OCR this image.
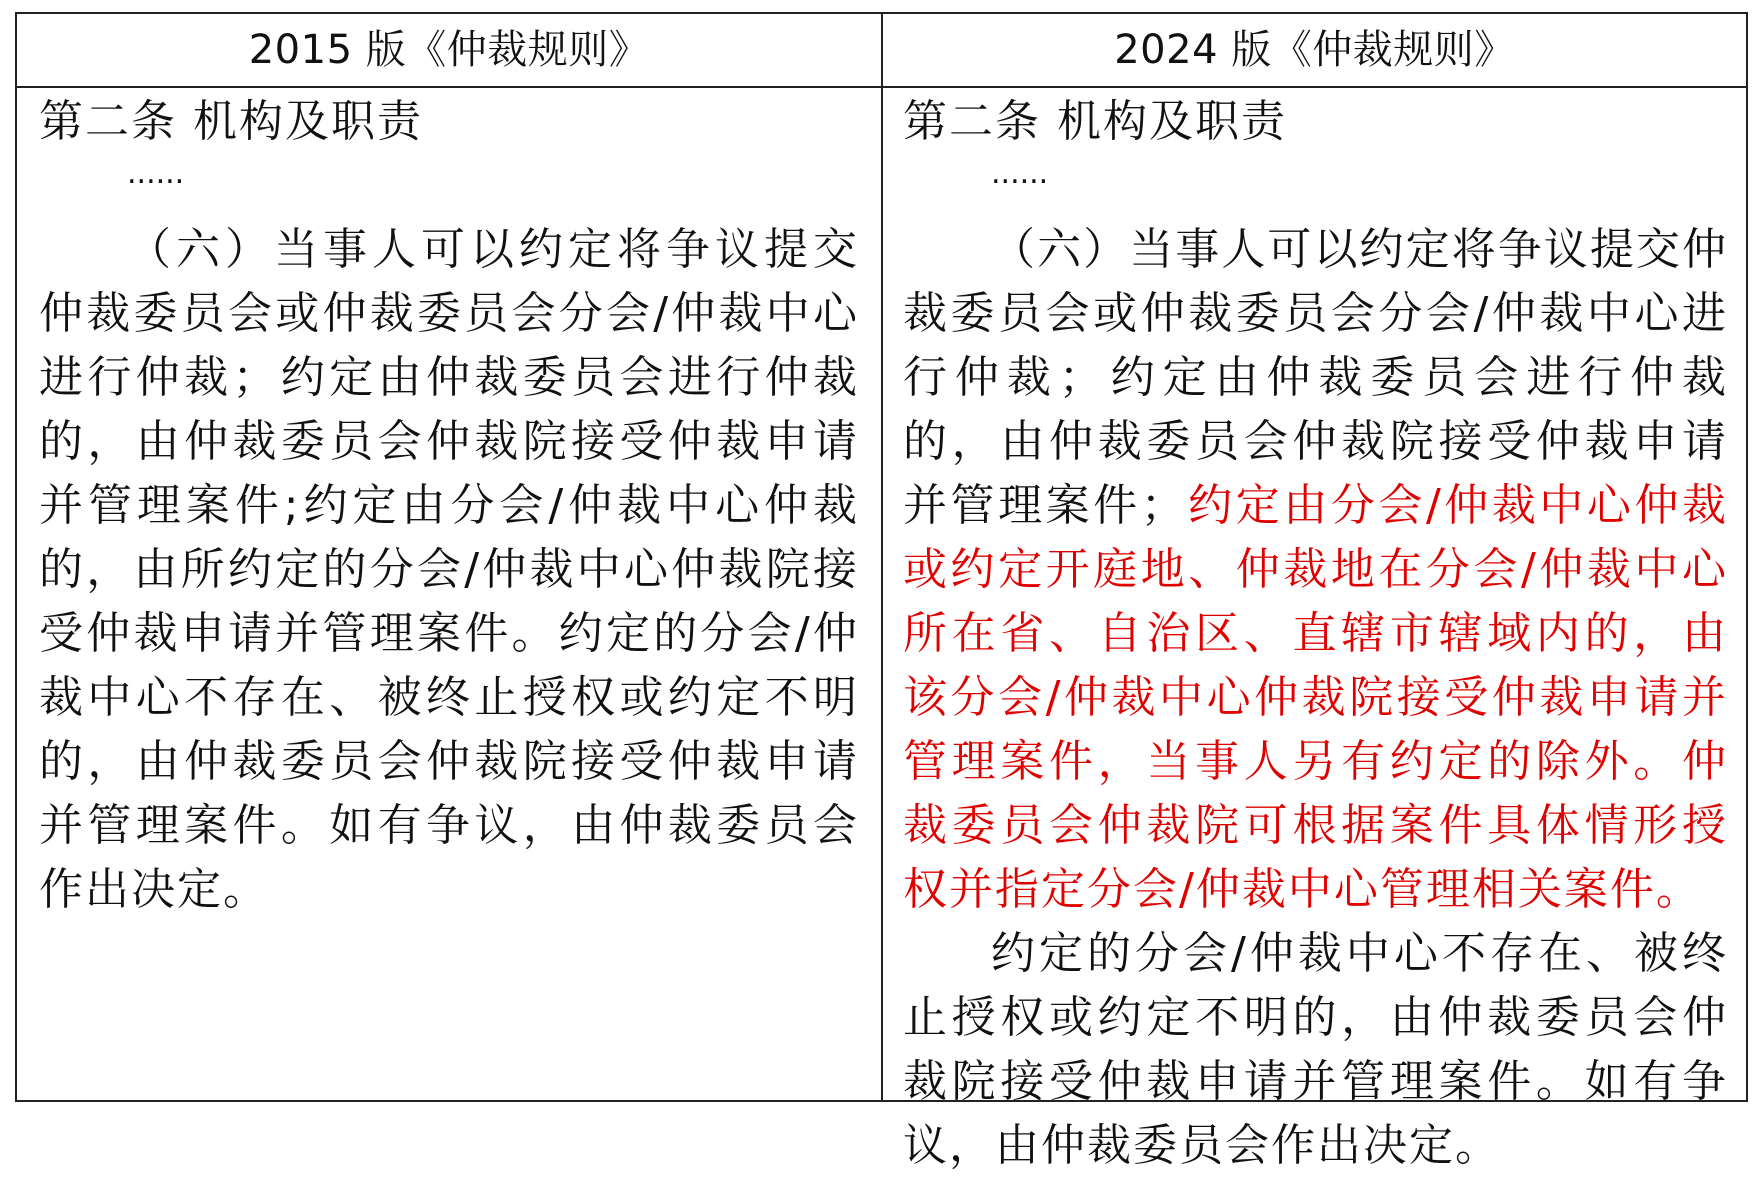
2015 版《仲裁规则》	2024 版《仲裁规则》

第二条 机构及职责

......

（六）当事人可以约定将争议提交仲裁委员会或仲裁委员会分会/仲裁中心进行仲裁；约定由仲裁委员会进行仲裁的，由仲裁委员会仲裁院接受仲裁申请并管理案件;约定由分会/仲裁中心仲裁的，由所约定的分会/仲裁中心仲裁院接受仲裁申请并管理案件。约定的分会/仲裁中心不存在、被终止授权或约定不明的，由仲裁委员会仲裁院接受仲裁申请并管理案件。如有争议，由仲裁委员会作出决定。

第二条 机构及职责

......

（六）当事人可以约定将争议提交仲裁委员会或仲裁委员会分会/仲裁中心进行仲裁；约定由仲裁委员会进行仲裁的，由仲裁委员会仲裁院接受仲裁申请并管理案件；约定由分会/仲裁中心仲裁或约定开庭地、仲裁地在分会/仲裁中心所在省、自治区、直辖市辖域内的，由该分会/仲裁中心仲裁院接受仲裁申请并管理案件，当事人另有约定的除外。仲裁委员会仲裁院可根据案件具体情形授权并指定分会/仲裁中心管理相关案件。

约定的分会/仲裁中心不存在、被终止授权或约定不明的，由仲裁委员会仲裁院接受仲裁申请并管理案件。如有争议，由仲裁委员会作出决定。
